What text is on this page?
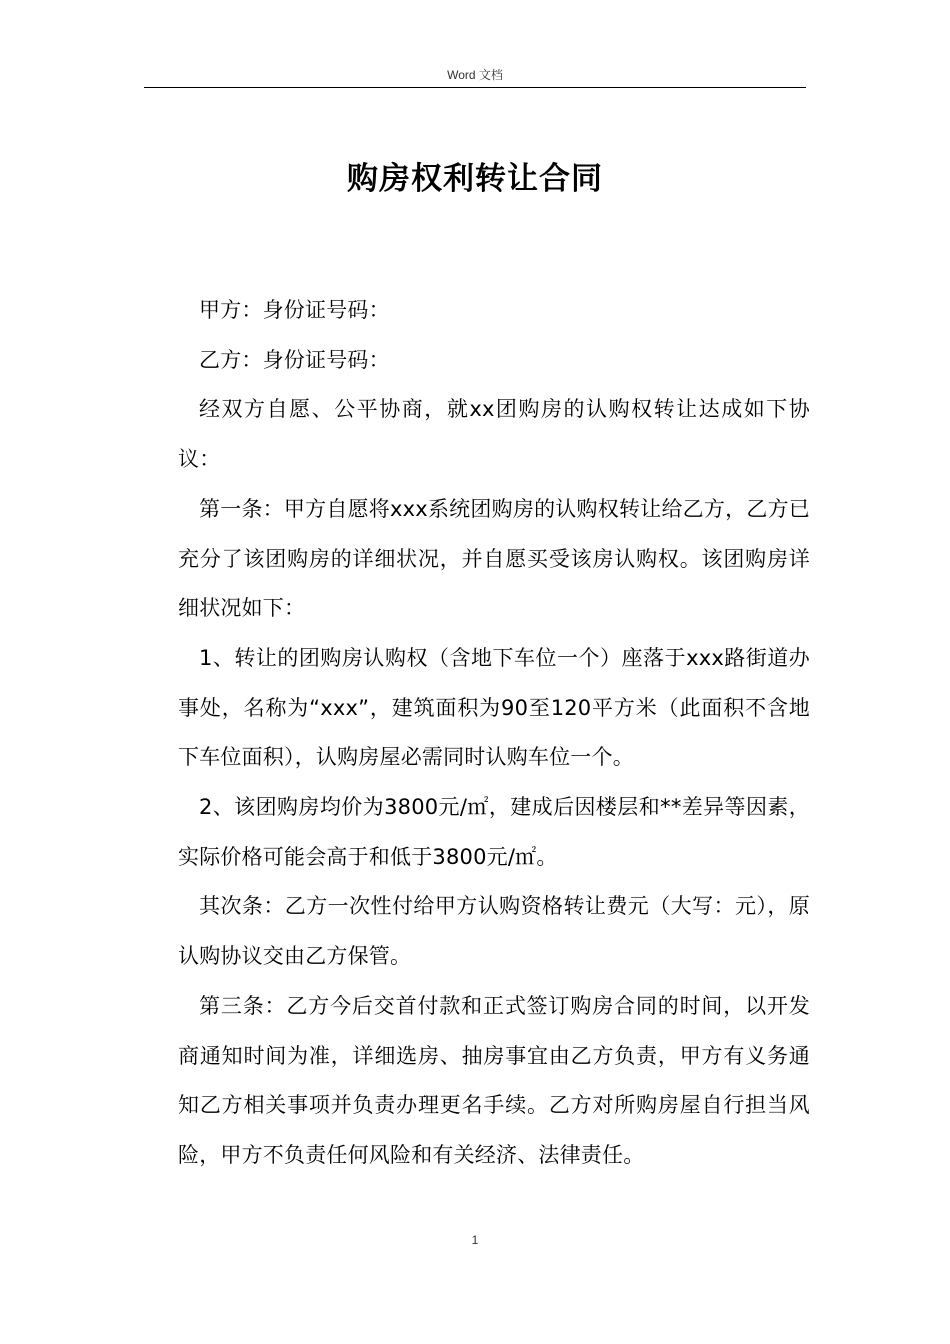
Word 文档
购房权利转让合同

甲方：身份证号码：

乙方：身份证号码：

经双方自愿、公平协商，就xx团购房的认购权转让达成如下协议：

第一条：甲方自愿将xxx系统团购房的认购权转让给乙方，乙方已充分了该团购房的详细状况，并自愿买受该房认购权。该团购房详细状况如下：

1、转让的团购房认购权（含地下车位一个）座落于xxx路街道办事处，名称为“xxx”，建筑面积为90至120平方米（此面积不含地下车位面积），认购房屋必需同时认购车位一个。

2、该团购房均价为3800元/㎡，建成后因楼层和**差异等因素，实际价格可能会高于和低于3800元/㎡。

其次条：乙方一次性付给甲方认购资格转让费元（大写：元），原认购协议交由乙方保管。

第三条：乙方今后交首付款和正式签订购房合同的时间，以开发商通知时间为准，详细选房、抽房事宜由乙方负责，甲方有义务通知乙方相关事项并负责办理更名手续。乙方对所购房屋自行担当风险，甲方不负责任何风险和有关经济、法律责任。

1
